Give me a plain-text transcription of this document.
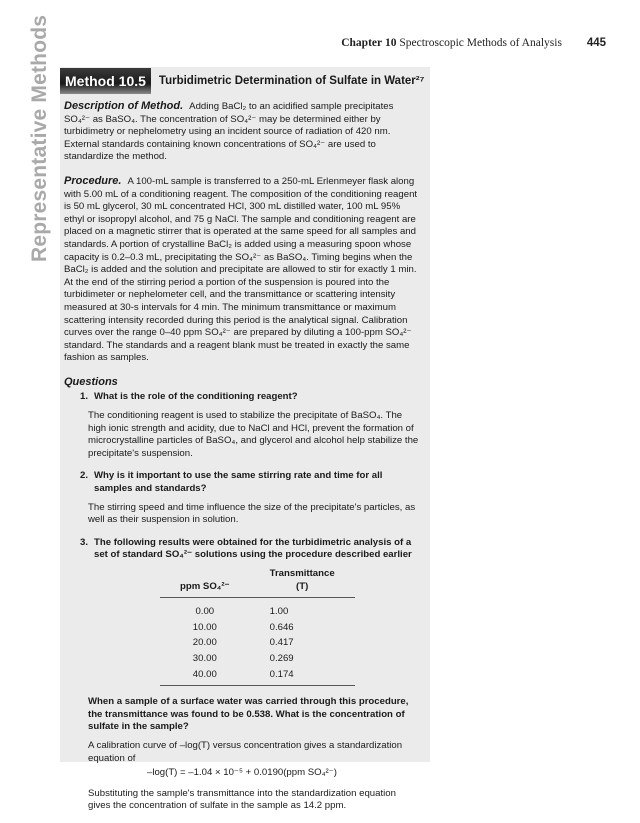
Chapter 10 Spectroscopic Methods of Analysis 445
Representative Methods	Method 10.5	Turbidimetric Determination of Sulfate in Water²⁷

Description of Method. Adding BaCl₂ to an acidified sample precipitates SO₄²⁻ as BaSO₄. The concentration of SO₄²⁻ may be determined either by turbidimetry or nephelometry using an incident source of radiation of 420 nm. External standards containing known concentrations of SO₄²⁻ are used to standardize the method.

Procedure. A 100-mL sample is transferred to a 250-mL Erlenmeyer flask along with 5.00 mL of a conditioning reagent. The composition of the conditioning reagent is 50 mL glycerol, 30 mL concentrated HCl, 300 mL distilled water, 100 mL 95% ethyl or isopropyl alcohol, and 75 g NaCl. The sample and conditioning reagent are placed on a magnetic stirrer that is operated at the same speed for all samples and standards. A portion of crystalline BaCl₂ is added using a measuring spoon whose capacity is 0.2–0.3 mL, precipitating the SO₄²⁻ as BaSO₄. Timing begins when the BaCl₂ is added and the solution and precipitate are allowed to stir for exactly 1 min. At the end of the stirring period a portion of the suspension is poured into the turbidimeter or nephelometer cell, and the transmittance or scattering intensity measured at 30-s intervals for 4 min. The minimum transmittance or maximum scattering intensity recorded during this period is the analytical signal. Calibration curves over the range 0–40 ppm SO₄²⁻ are prepared by diluting a 100-ppm SO₄²⁻ standard. The standards and a reagent blank must be treated in exactly the same fashion as samples.

Questions
1. What is the role of the conditioning reagent?
The conditioning reagent is used to stabilize the precipitate of BaSO₄. The high ionic strength and acidity, due to NaCl and HCl, prevent the formation of microcrystalline particles of BaSO₄, and glycerol and alcohol help stabilize the precipitate's suspension.
2. Why is it important to use the same stirring rate and time for all samples and standards?
The stirring speed and time influence the size of the precipitate's particles, as well as their suspension in solution.
3. The following results were obtained for the turbidimetric analysis of a set of standard SO₄²⁻ solutions using the procedure described earlier
	Transmittance
ppm SO₄²⁻	(T)
0.00	1.00
10.00	0.646
20.00	0.417
30.00	0.269
40.00	0.174
When a sample of a surface water was carried through this procedure, the transmittance was found to be 0.538. What is the concentration of sulfate in the sample?
A calibration curve of –log(T) versus concentration gives a standardization equation of
–log(T) = –1.04 × 10⁻⁵ + 0.0190(ppm SO₄²⁻)
Substituting the sample's transmittance into the standardization equation gives the concentration of sulfate in the sample as 14.2 ppm.
